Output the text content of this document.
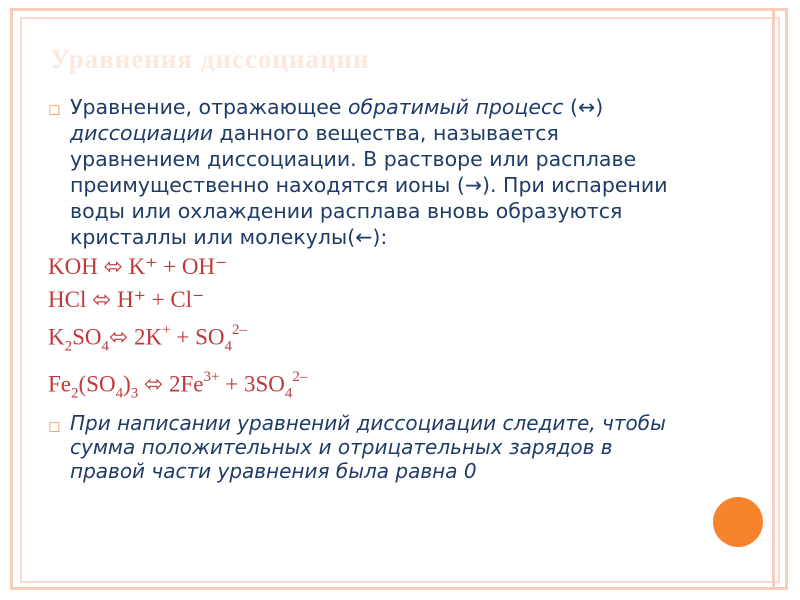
Уравнения диссоциации
◻ Уравнение, отражающее обратимый процесс (↔) диссоциации данного вещества, называется уравнением диссоциации. В растворе или расплаве преимущественно находятся ионы (→). При испарении воды или охлаждении расплава вновь образуются кристаллы или молекулы(←):
KOH ⬄ K⁺ + OH⁻
HCl ⬄ H⁺ + Cl⁻
$K_2SO_4⬄$ $2K^+ + SO_4^{2-}$
$Fe_2(SO_4)_3$ ⬄ $2Fe^{3+} + 3SO_4^{2-}$
◻ При написании уравнений диссоциации следите, чтобы сумма положительных и отрицательных зарядов в правой части уравнения была равна 0
